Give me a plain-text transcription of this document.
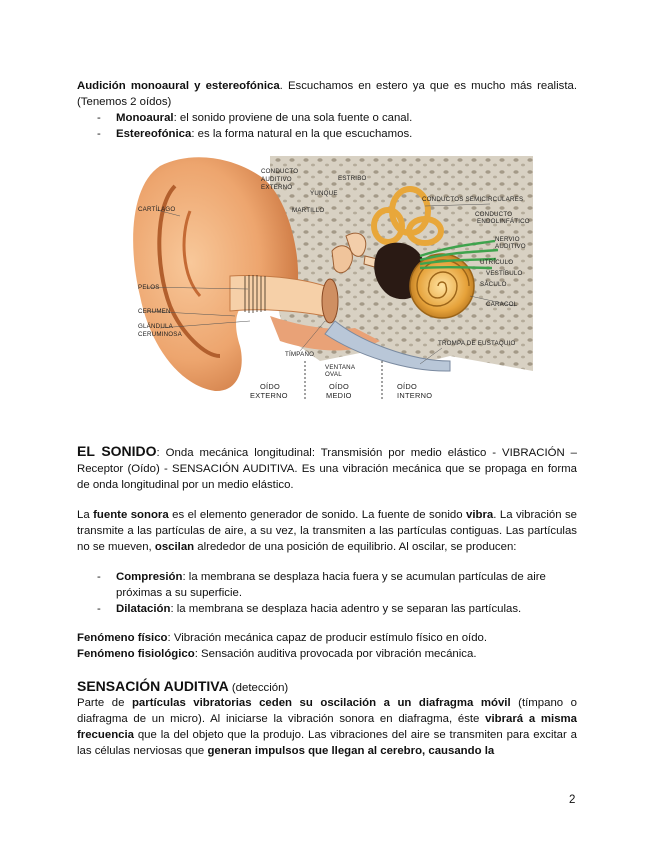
Audición monoaural y estereofónica. Escuchamos en estero ya que es mucho más realista. (Tenemos 2 oídos)

- Monoaural: el sonido proviene de una sola fuente o canal.
- Estereofónica: es la forma natural en la que escuchamos.
CONDUCTO
AUDITIVO
EXTERNO
ESTRIBO
YUNQUE
MARTILLO
CONDUCTOS SEMICIRCULARES
CONDUCTO
ENDOLINFÁTICO
NERVIO
AUDITIVO
UTRÍCULO
VESTÍBULO
SÁCULO
CARACOL
TROMPA DE EUSTAQUIO
CARTÍLAGO
PELOS
CERUMEN
GLÁNDULA
CERUMINOSA
TÍMPANO
VENTANA
OVAL
OÍDO
EXTERNO
OÍDO
MEDIO
OÍDO
INTERNO

EL SONIDO: Onda mecánica longitudinal: Transmisión por medio elástico - VIBRACIÓN – Receptor (Oído) - SENSACIÓN AUDITIVA. Es una vibración mecánica que se propaga en forma de onda longitudinal por un medio elástico.

La fuente sonora es el elemento generador de sonido. La fuente de sonido vibra. La vibración se transmite a las partículas de aire, a su vez, la transmiten a las partículas contiguas. Las partículas no se mueven, oscilan alrededor de una posición de equilibrio. Al oscilar, se producen:

- Compresión: la membrana se desplaza hacia fuera y se acumulan partículas de aire próximas a su superficie.
- Dilatación: la membrana se desplaza hacia adentro y se separan las partículas.

Fenómeno físico: Vibración mecánica capaz de producir estímulo físico en oído.

Fenómeno fisiológico: Sensación auditiva provocada por vibración mecánica.

SENSACIÓN AUDITIVA (detección)

Parte de partículas vibratorias ceden su oscilación a un diafragma móvil (tímpano o diafragma de un micro). Al iniciarse la vibración sonora en diafragma, éste vibrará a misma frecuencia que la del objeto que la produjo. Las vibraciones del aire se transmiten para excitar a las células nerviosas que generan impulsos que llegan al cerebro, causando la

2
